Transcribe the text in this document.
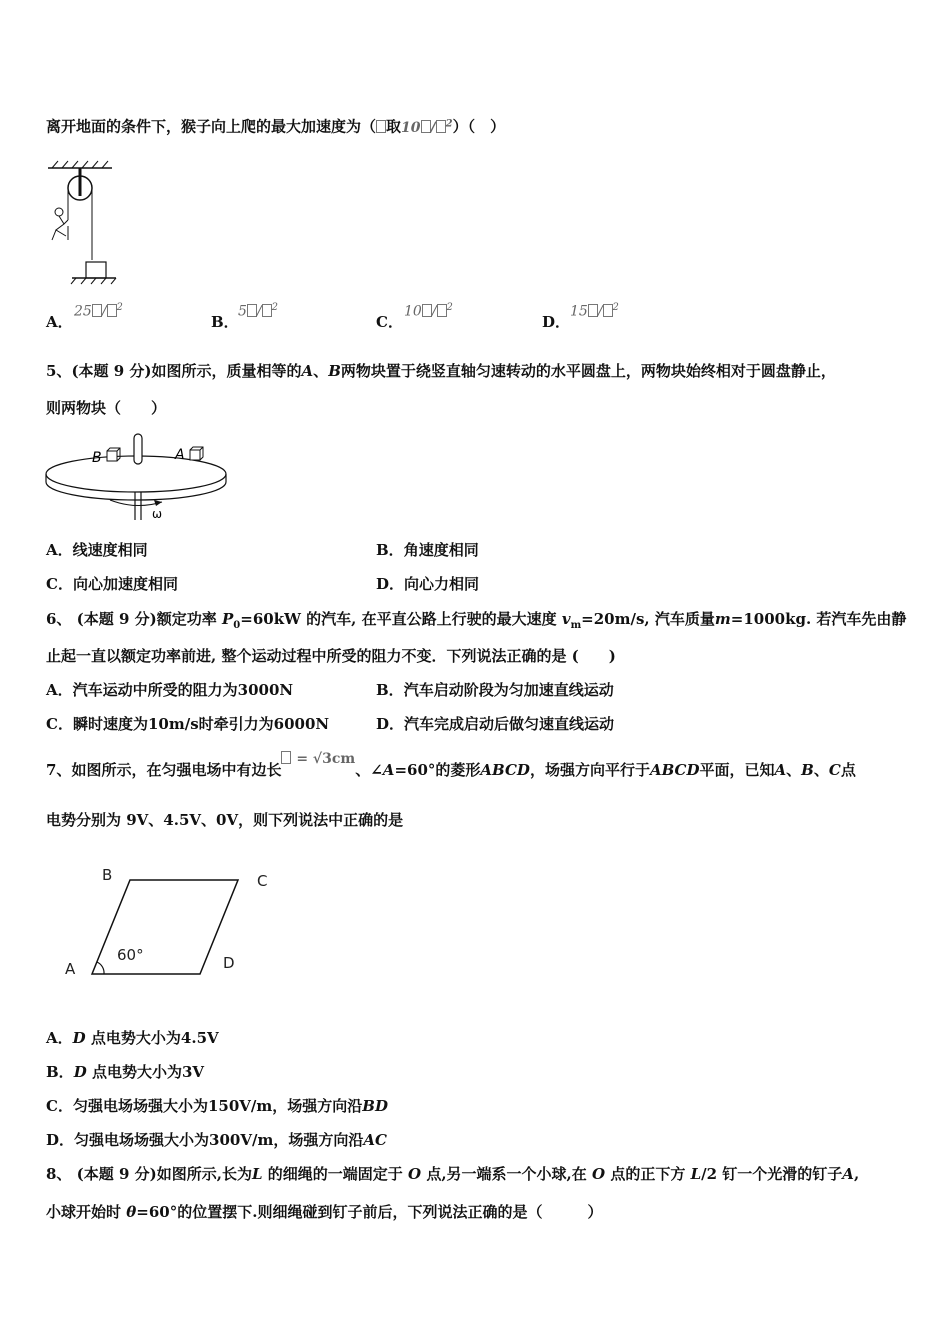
离开地面的条件下，猴子向上爬的最大加速度为（ 取10 / $^2$）（　）
A．
25 / $^2$
B．
5 / $^2$
C．
10 / $^2$
D．
15 / $^2$
5、(本题 9 分)如图所示，质量相等的A、B两物块置于绕竖直轴匀速转动的水平圆盘上，两物块始终相对于圆盘静止，
则两物块（　　）
B	A
ω
A．线速度相同	B．角速度相同
C．向心加速度相同	D．向心力相同
6、 (本题 9 分)额定功率 $P_0=60kW$ 的汽车, 在平直公路上行驶的最大速度 $v_m=20m/s$, 汽车质量m=1000kg. 若汽车先由静
止起一直以额定功率前进, 整个运动过程中所受的阻力不变．下列说法正确的是 (　　)
A．汽车运动中所受的阻力为3000N	B．汽车启动阶段为匀加速直线运动
C．瞬时速度为10m/s时牵引力为6000N	D．汽车完成启动后做匀速直线运动
7、如图所示，在匀强电场中有边长 = √3cm、∠A=60°的菱形ABCD，场强方向平行于ABCD平面，已知A、B、C点
电势分别为 9V、4.5V、0V，则下列说法中正确的是
B	C
A	D
60°
A．D 点电势大小为4.5V
B．D 点电势大小为3V
C．匀强电场场强大小为150V/m，场强方向沿BD
D．匀强电场场强大小为300V/m，场强方向沿AC
8、 (本题 9 分)如图所示,长为L 的细绳的一端固定于 O 点,另一端系一个小球,在 O 点的正下方 L/2 钉一个光滑的钉子A,
小球开始时 θ=60°的位置摆下.则细绳碰到钉子前后，下列说法正确的是（　　　）
